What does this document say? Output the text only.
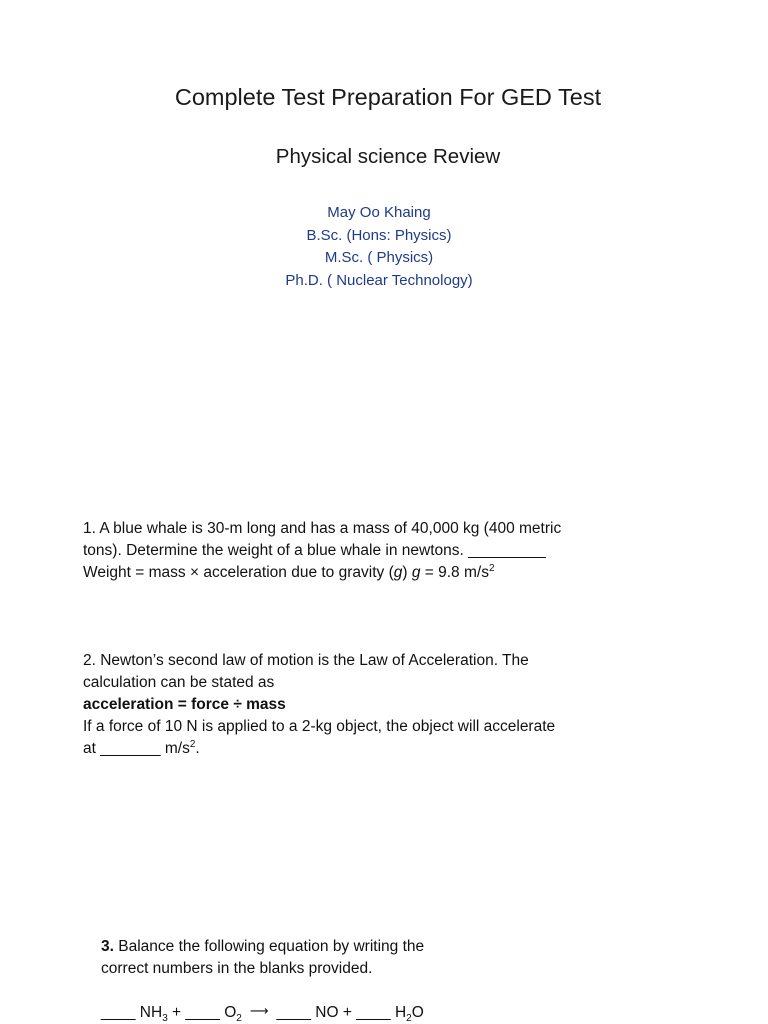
Complete Test Preparation For GED Test
Physical science Review
May Oo Khaing
B.Sc. (Hons: Physics)
M.Sc. ( Physics)
Ph.D. ( Nuclear Technology)
1. A blue whale is 30-m long and has a mass of 40,000 kg (400 metric
tons). Determine the weight of a blue whale in newtons. _________
Weight = mass × acceleration due to gravity (g) g = 9.8 $m/s^2$
2. Newton’s second law of motion is the Law of Acceleration. The
calculation can be stated as
acceleration = force ÷ mass
If a force of 10 N is applied to a 2-kg object, the object will accelerate
at _______ $m/s^2$.
3. Balance the following equation by writing the
correct numbers in the blanks provided.
____ $NH_3$ + ____ $O_2⟶$ ____ NO + ____ $H_2O$
